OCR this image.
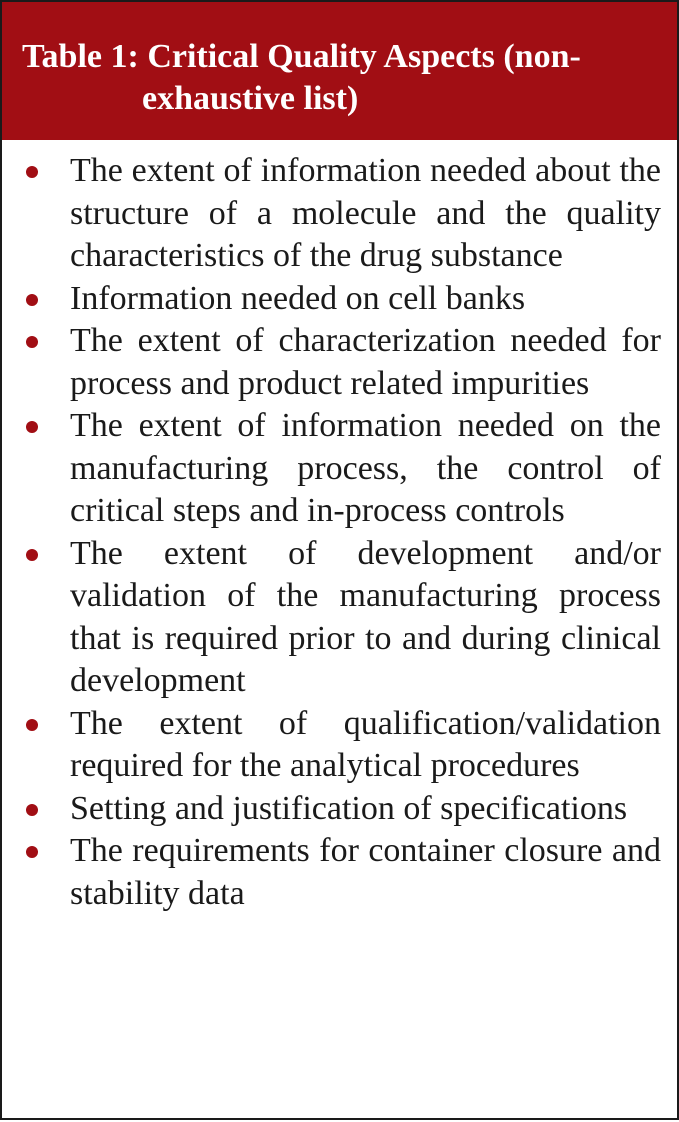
Table 1: Critical Quality Aspects (non-
exhaustive list)
The extent of information needed about the structure of a molecule and the quality characteristics of the drug substance
Information needed on cell banks
The extent of characterization needed for process and product related impurities
The extent of information needed on the manufacturing process, the control of critical steps and in-process controls
The extent of development and/or validation of the manufacturing process that is required prior to and during clinical development
The extent of qualification/validation required for the analytical procedures
Setting and justification of specifications
The requirements for container closure and stability data
